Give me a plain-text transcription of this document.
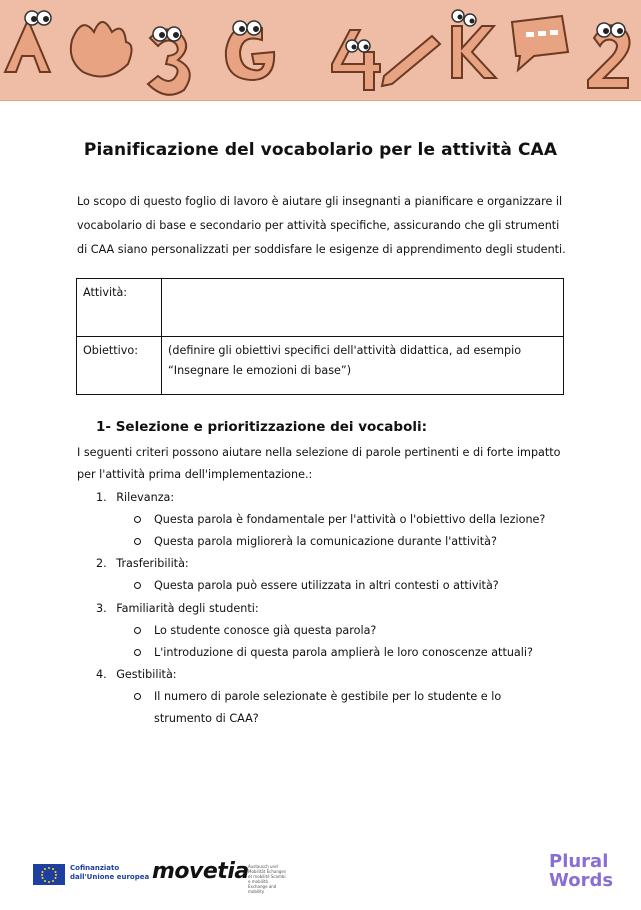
Pianificazione del vocabolario per le attività CAA
Lo scopo di questo foglio di lavoro è aiutare gli insegnanti a pianificare e organizzare il vocabolario di base e secondario per attività specifiche, assicurando che gli strumenti di CAA siano personalizzati per soddisfare le esigenze di apprendimento degli studenti.
Attività:	
Obiettivo:	(definire gli obiettivi specifici dell'attività didattica, ad esempio
“Insegnare le emozioni di base”)
1- Selezione e prioritizzazione dei vocaboli:
I seguenti criteri possono aiutare nella selezione di parole pertinenti e di forte impatto per l'attività prima dell'implementazione.:
1. Rilevanza:
Questa parola è fondamentale per l'attività o l'obiettivo della lezione?
Questa parola migliorerà la comunicazione durante l'attività?
2. Trasferibilità:
Questa parola può essere utilizzata in altri contesti o attività?
3. Familiarità degli studenti:
Lo studente conosce già questa parola?
L'introduzione di questa parola amplierà le loro conoscenze attuali?
4. Gestibilità:
Il numero di parole selezionate è gestibile per lo studente e lo strumento di CAA?
Cofinanziato
dall'Unione europea movetia Austausch und Mobilität Échanges et mobilité Scambi e mobilità Exchange and mobility
Plural
Words
